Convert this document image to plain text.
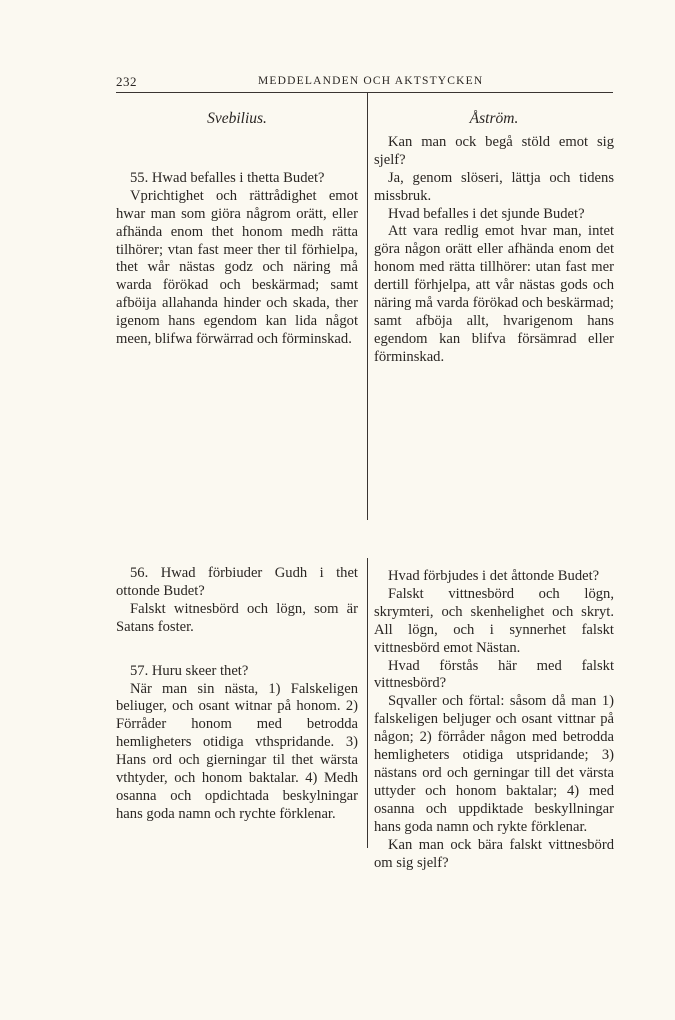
232	MEDDELANDEN OCH AKTSTYCKEN

Svebilius.

55. Hwad befalles i thetta Budet?

Vprichtighet och rättrådighet emot hwar man som giöra någrom orätt, eller afhända enom thet honom medh rätta tilhörer; vtan fast meer ther til förhielpa, thet wår nästas godz och näring må warda förökad och beskärmad; samt afböija allahanda hinder och skada, ther igenom hans egendom kan lida något meen, blifwa förwärrad och förminskad.

Åström.

Kan man ock begå stöld emot sig sjelf?

Ja, genom slöseri, lättja och tidens missbruk.

Hvad befalles i det sjunde Budet?

Att vara redlig emot hvar man, intet göra någon orätt eller afhända enom det honom med rätta tillhörer: utan fast mer dertill förhjelpa, att vår nästas gods och näring må varda förökad och beskärmad; samt afböja allt, hvarigenom hans egendom kan blifva försämrad eller förminskad.

56. Hwad förbiuder Gudh i thet ottonde Budet?

Falskt witnesbörd och lögn, som är Satans foster.

57. Huru skeer thet?

När man sin nästa, 1) Falskeligen beliuger, och osant witnar på honom. 2) Förråder honom med betrodda hemligheters otidiga vthspridande. 3) Hans ord och gierningar til thet wärsta vthtyder, och honom baktalar. 4) Medh osanna och opdichtada beskylningar hans goda namn och rychte förklenar.

Hvad förbjudes i det åttonde Budet?

Falskt vittnesbörd och lögn, skrymteri, och skenhelighet och skryt. All lögn, och i synnerhet falskt vittnesbörd emot Nästan.

Hvad förstås här med falskt vittnesbörd?

Sqvaller och förtal: såsom då man 1) falskeligen beljuger och osant vittnar på någon; 2) förråder någon med betrodda hemligheters otidiga utspridande; 3) nästans ord och gerningar till det värsta uttyder och honom baktalar; 4) med osanna och uppdiktade beskyllningar hans goda namn och rykte förklenar.

Kan man ock bära falskt vittnesbörd om sig sjelf?
